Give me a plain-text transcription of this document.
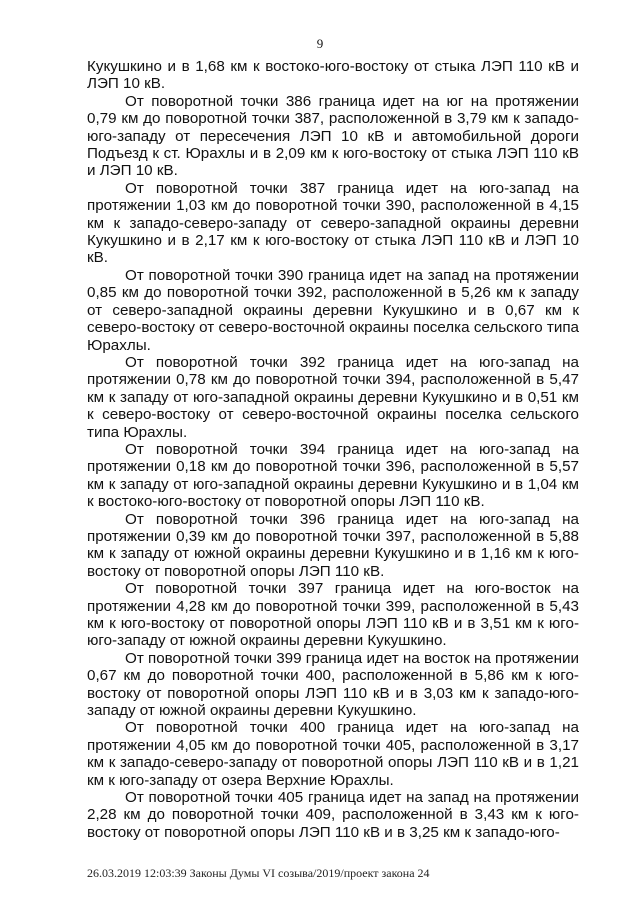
9

Кукушкино и в 1,68 км к востоко-юго-востоку от стыка ЛЭП 110 кВ и ЛЭП 10 кВ.

От поворотной точки 386 граница идет на юг на протяжении 0,79 км до поворотной точки 387, расположенной в 3,79 км к западо-юго-западу от пересечения ЛЭП 10 кВ и автомобильной дороги Подъезд к ст. Юрахлы и в 2,09 км к юго-востоку от стыка ЛЭП 110 кВ и ЛЭП 10 кВ.

От поворотной точки 387 граница идет на юго-запад на протяжении 1,03 км до поворотной точки 390, расположенной в 4,15 км к западо-северо-западу от северо-западной окраины деревни Кукушкино и в 2,17 км к юго-востоку от стыка ЛЭП 110 кВ и ЛЭП 10 кВ.

От поворотной точки 390 граница идет на запад на протяжении 0,85 км до поворотной точки 392, расположенной в 5,26 км к западу от северо-западной окраины деревни Кукушкино и в 0,67 км к северо-востоку от северо-восточной окраины поселка сельского типа Юрахлы.

От поворотной точки 392 граница идет на юго-запад на протяжении 0,78 км до поворотной точки 394, расположенной в 5,47 км к западу от юго-западной окраины деревни Кукушкино и в 0,51 км к северо-востоку от северо-восточной окраины поселка сельского типа Юрахлы.

От поворотной точки 394 граница идет на юго-запад на протяжении 0,18 км до поворотной точки 396, расположенной в 5,57 км к западу от юго-западной окраины деревни Кукушкино и в 1,04 км к востоко-юго-востоку от поворотной опоры ЛЭП 110 кВ.

От поворотной точки 396 граница идет на юго-запад на протяжении 0,39 км до поворотной точки 397, расположенной в 5,88 км к западу от южной окраины деревни Кукушкино и в 1,16 км к юго-востоку от поворотной опоры ЛЭП 110 кВ.

От поворотной точки 397 граница идет на юго-восток на протяжении 4,28 км до поворотной точки 399, расположенной в 5,43 км к юго-востоку от поворотной опоры ЛЭП 110 кВ и в 3,51 км к юго-юго-западу от южной окраины деревни Кукушкино.

От поворотной точки 399 граница идет на восток на протяжении 0,67 км до поворотной точки 400, расположенной в 5,86 км к юго-востоку от поворотной опоры ЛЭП 110 кВ и в 3,03 км к западо-юго-западу от южной окраины деревни Кукушкино.

От поворотной точки 400 граница идет на юго-запад на протяжении 4,05 км до поворотной точки 405, расположенной в 3,17 км к западо-северо-западу от поворотной опоры ЛЭП 110 кВ и в 1,21 км к юго-западу от озера Верхние Юрахлы.

От поворотной точки 405 граница идет на запад на протяжении 2,28 км до поворотной точки 409, расположенной в 3,43 км к юго-востоку от поворотной опоры ЛЭП 110 кВ и в 3,25 км к западо-юго-

26.03.2019 12:03:39 Законы Думы VI созыва/2019/проект закона 24
